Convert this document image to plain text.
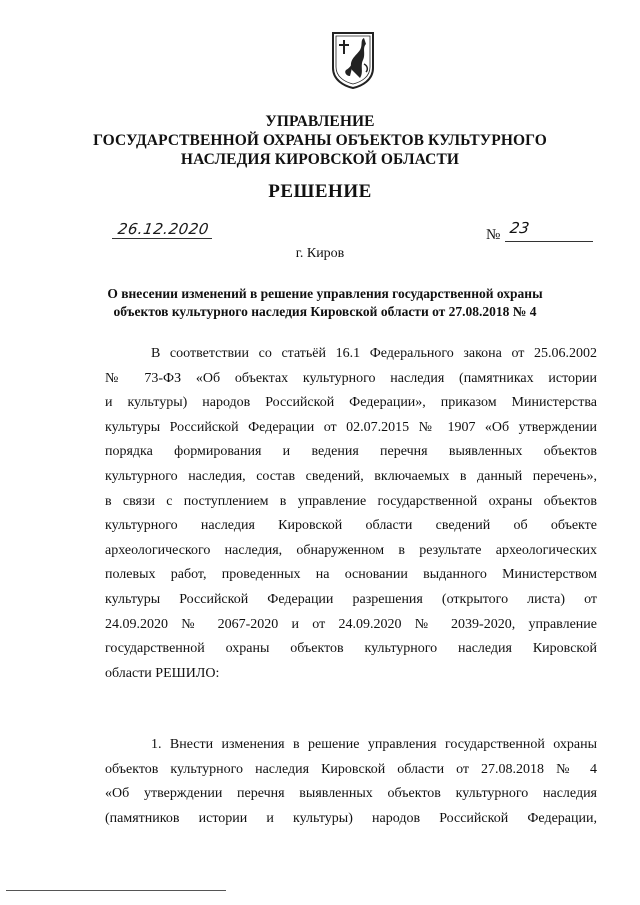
УПРАВЛЕНИЕ
ГОСУДАРСТВЕННОЙ ОХРАНЫ ОБЪЕКТОВ КУЛЬТУРНОГО
НАСЛЕДИЯ КИРОВСКОЙ ОБЛАСТИ
РЕШЕНИЕ
26.12.2020	№ 23
г. Киров
О внесении изменений в решение управления государственной охраны
объектов культурного наследия Кировской области от 27.08.2018 № 4
В соответствии со статьёй 16.1 Федерального закона от 25.06.2002
№ 73-ФЗ «Об объектах культурного наследия (памятниках истории
и культуры) народов Российской Федерации», приказом Министерства
культуры Российской Федерации от 02.07.2015 № 1907 «Об утверждении
порядка формирования и ведения перечня выявленных объектов
культурного наследия, состав сведений, включаемых в данный перечень»,
в связи с поступлением в управление государственной охраны объектов
культурного наследия Кировской области сведений об объекте
археологического наследия, обнаруженном в результате археологических
полевых работ, проведенных на основании выданного Министерством
культуры Российской Федерации разрешения (открытого листа) от
24.09.2020 № 2067-2020 и от 24.09.2020 № 2039-2020, управление
государственной охраны объектов культурного наследия Кировской
области РЕШИЛО:
1. Внести изменения в решение управления государственной охраны
объектов культурного наследия Кировской области от 27.08.2018 № 4
«Об утверждении перечня выявленных объектов культурного наследия
(памятников истории и культуры) народов Российской Федерации,
